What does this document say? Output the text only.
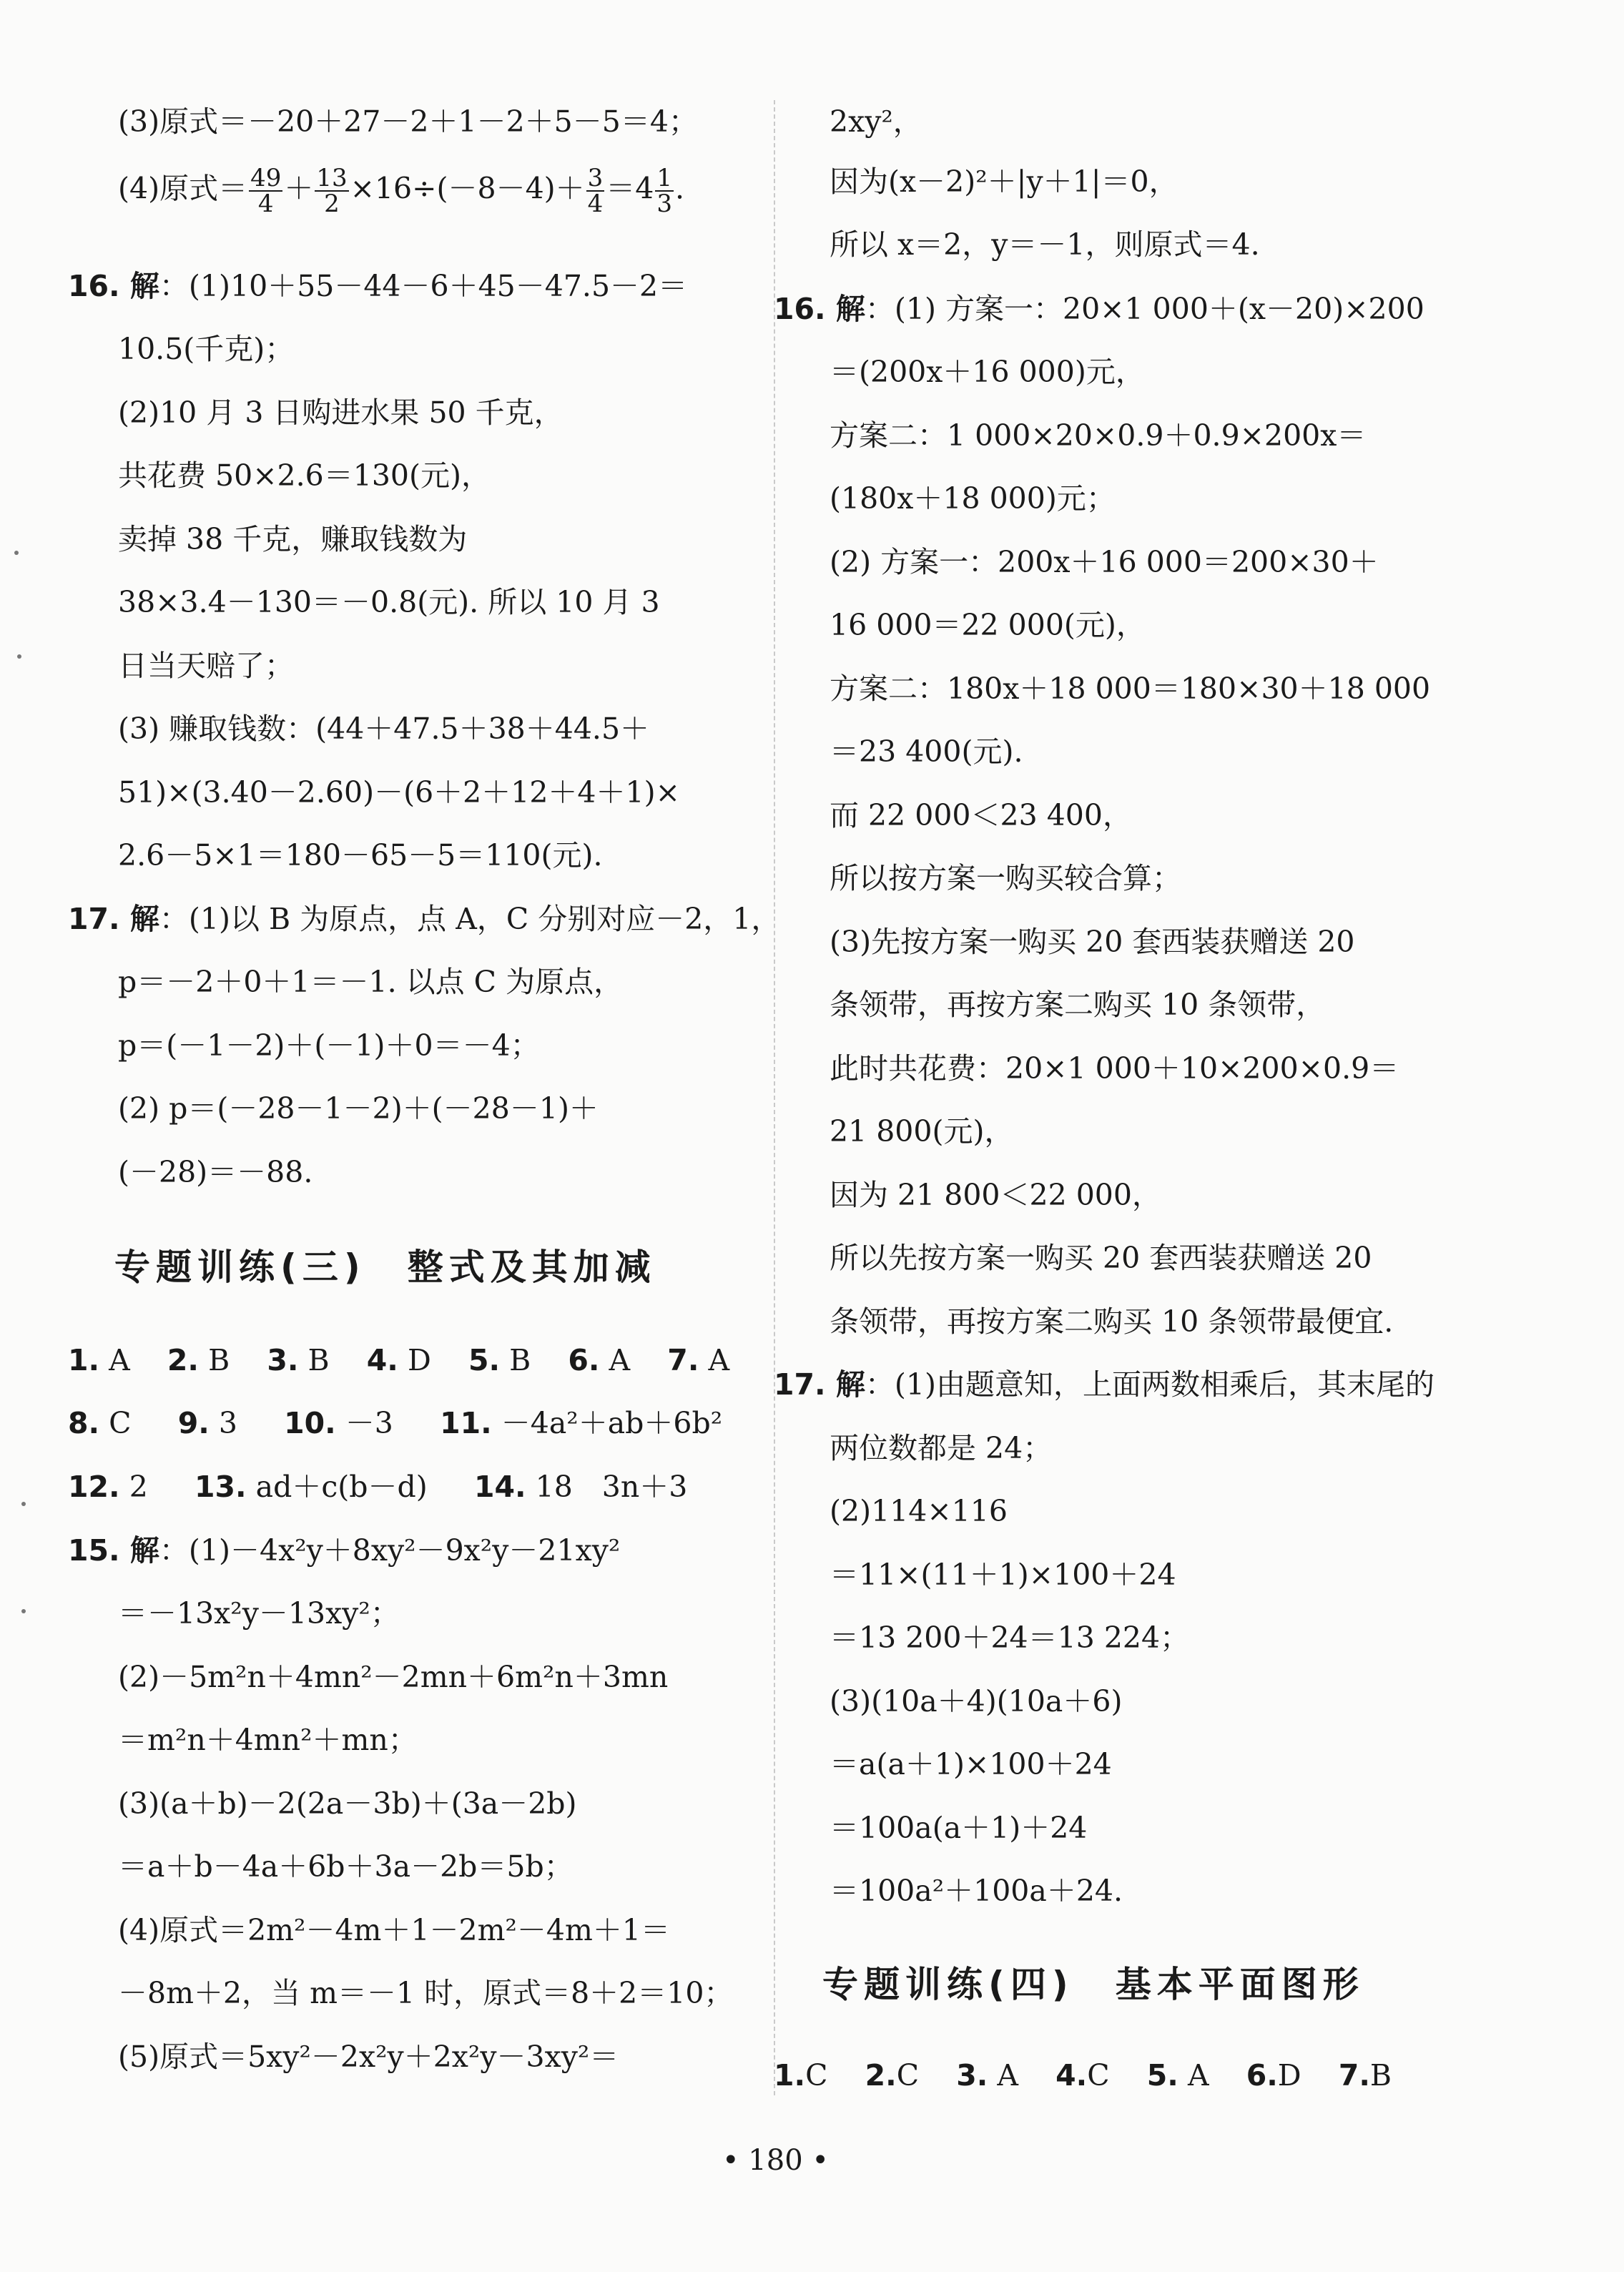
(3)原式＝－20＋27－2＋1－2＋5－5＝4；
(4)原式＝ $\frac{49}{4} + \frac{13}{2} \times 16\div(-8-4)+ \frac{3}{4} =4 \frac{1}{3}$ .
16. 解：(1)10＋55－44－6＋45－47.5－2＝
10.5(千克)；
(2)10 月 3 日购进水果 50 千克，
共花费 50×2.6＝130(元)，
卖掉 38 千克，赚取钱数为
38×3.4－130＝－0.8(元). 所以 10 月 3
日当天赔了；
(3) 赚取钱数：(44＋47.5＋38＋44.5＋
51)×(3.40－2.60)－(6＋2＋12＋4＋1)×
2.6－5×1＝180－65－5＝110(元).
17. 解：(1)以 B 为原点，点 A，C 分别对应－2，1，
p＝－2＋0＋1＝－1. 以点 C 为原点，
p＝(－1－2)＋(－1)＋0＝－4；
(2) p＝(－28－1－2)＋(－28－1)＋
(－28)＝－88.
专题训练(三)　整式及其加减
1. A 2. B 3. B 4. D 5. B 6. A 7. A
8. C 9. 3 10. －3 11. －4a²＋ab＋6b²
12. 2 13. ad＋c(b－d) 14. 18　3n＋3
15. 解：(1)－4x²y＋8xy²－9x²y－21xy²
＝－13x²y－13xy²；
(2)－5m²n＋4mn²－2mn＋6m²n＋3mn
＝m²n＋4mn²＋mn；
(3)(a＋b)－2(2a－3b)＋(3a－2b)
＝a＋b－4a＋6b＋3a－2b＝5b；
(4)原式＝2m²－4m＋1－2m²－4m＋1＝
－8m＋2，当 m＝－1 时，原式＝8＋2＝10；
(5)原式＝5xy²－2x²y＋2x²y－3xy²＝
2xy²，
因为(x－2)²＋|y＋1|＝0，
所以 x＝2，y＝－1，则原式＝4.
16. 解：(1) 方案一：20×1 000＋(x－20)×200
＝(200x＋16 000)元，
方案二：1 000×20×0.9＋0.9×200x＝
(180x＋18 000)元；
(2) 方案一：200x＋16 000＝200×30＋
16 000＝22 000(元)，
方案二：180x＋18 000＝180×30＋18 000
＝23 400(元).
而 22 000＜23 400，
所以按方案一购买较合算；
(3)先按方案一购买 20 套西装获赠送 20
条领带，再按方案二购买 10 条领带，
此时共花费：20×1 000＋10×200×0.9＝
21 800(元)，
因为 21 800＜22 000，
所以先按方案一购买 20 套西装获赠送 20
条领带，再按方案二购买 10 条领带最便宜.
17. 解：(1)由题意知，上面两数相乘后，其末尾的
两位数都是 24；
(2)114×116
＝11×(11＋1)×100＋24
＝13 200＋24＝13 224；
(3)(10a＋4)(10a＋6)
＝a(a＋1)×100＋24
＝100a(a＋1)＋24
＝100a²＋100a＋24.
专题训练(四)　基本平面图形
1.C 2.C 3. A 4.C 5. A 6.D 7.B
• 180 •
